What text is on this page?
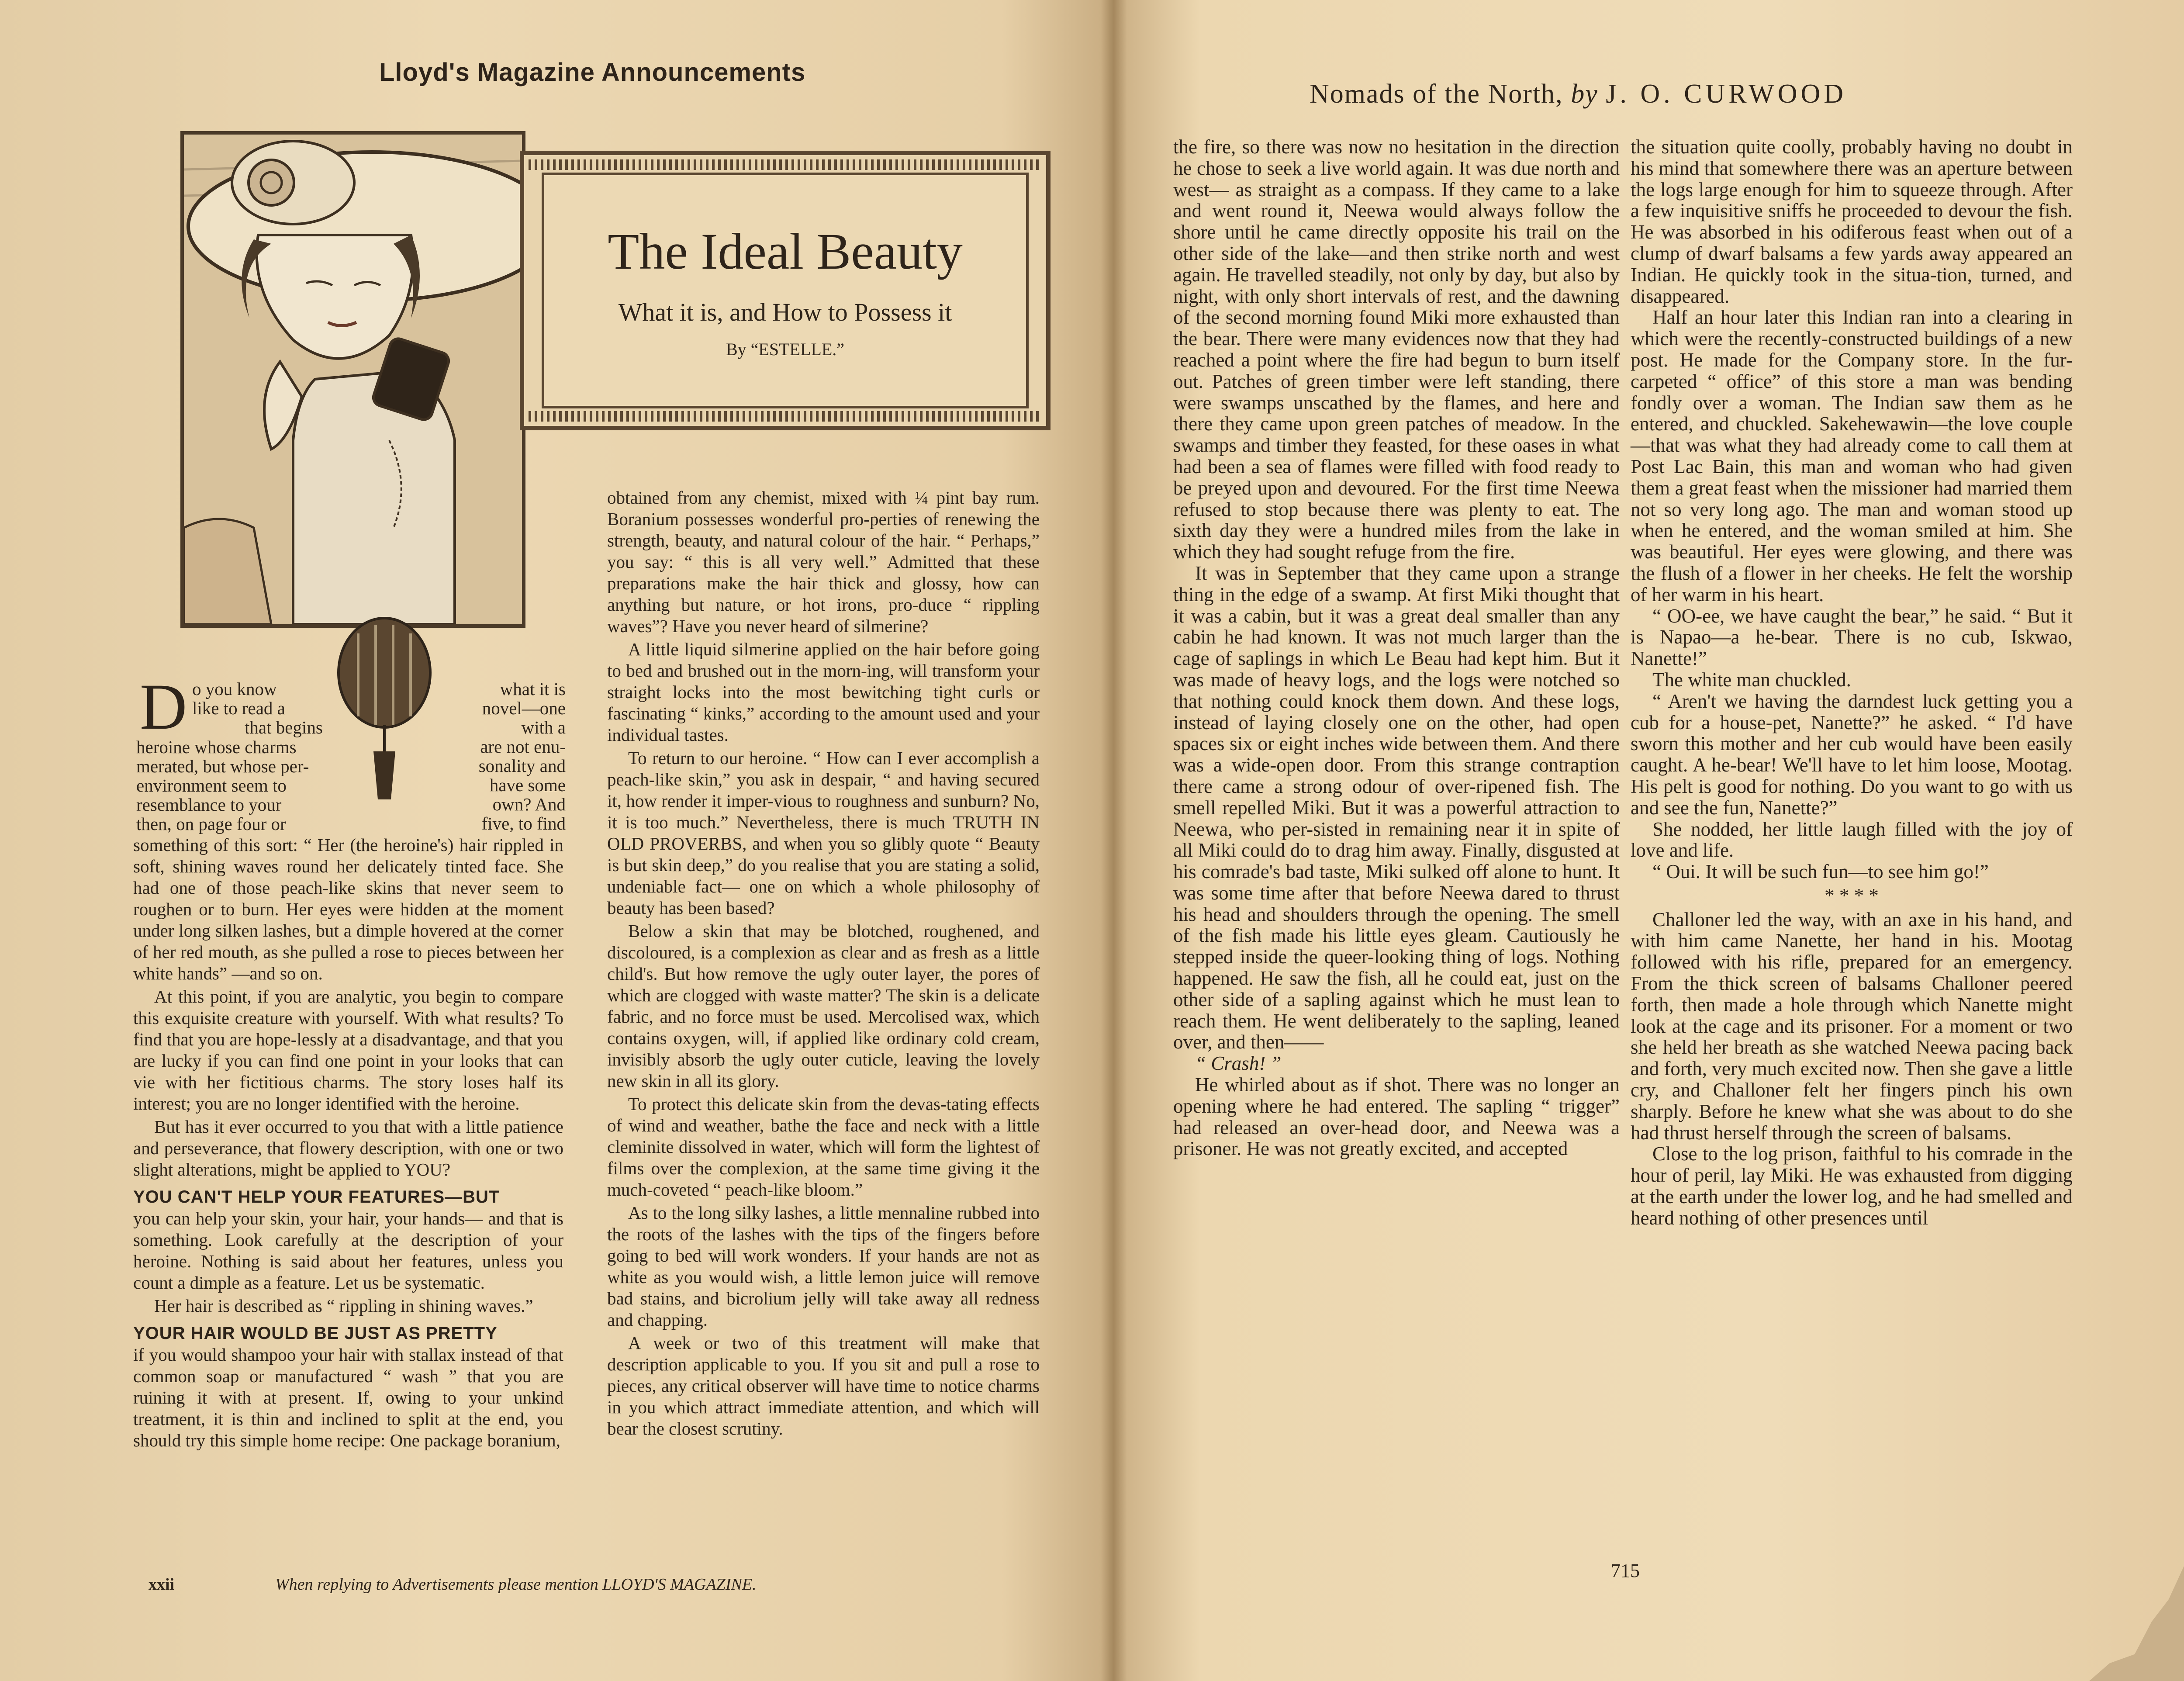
Lloyd's Magazine Announcements
The Ideal Beauty
What it is, and How to Possess it
By “ESTELLE.”
D o you know
like to read a
that begins
heroine whose charms
merated, but whose per-
environment seem to
resemblance to your
then, on page four or
what it is
novel—one
with a
are not enu-
sonality and
have some
own? And
five, to find

something of this sort: “ Her (the heroine's) hair rippled in soft, shining waves round her delicately tinted face. She had one of those peach-like skins that never seem to roughen or to burn. Her eyes were hidden at the moment under long silken lashes, but a dimple hovered at the corner of her red mouth, as she pulled a rose to pieces between her white hands” —and so on.

At this point, if you are analytic, you begin to compare this exquisite creature with yourself. With what results? To find that you are hope-lessly at a disadvantage, and that you are lucky if you can find one point in your looks that can vie with her fictitious charms. The story loses half its interest; you are no longer identified with the heroine.

But has it ever occurred to you that with a little patience and perseverance, that flowery description, with one or two slight alterations, might be applied to YOU?

YOU CAN'T HELP YOUR FEATURES—BUT

you can help your skin, your hair, your hands— and that is something. Look carefully at the description of your heroine. Nothing is said about her features, unless you count a dimple as a feature. Let us be systematic.

Her hair is described as “ rippling in shining waves.”

YOUR HAIR WOULD BE JUST AS PRETTY

if you would shampoo your hair with stallax instead of that common soap or manufactured “ wash ” that you are ruining it with at present. If, owing to your unkind treatment, it is thin and inclined to split at the end, you should try this simple home recipe: One package boranium,

obtained from any chemist, mixed with ¼ pint bay rum. Boranium possesses wonderful pro-perties of renewing the strength, beauty, and natural colour of the hair. “ Perhaps,” you say: “ this is all very well.” Admitted that these preparations make the hair thick and glossy, how can anything but nature, or hot irons, pro-duce “ rippling waves”? Have you never heard of silmerine?

A little liquid silmerine applied on the hair before going to bed and brushed out in the morn-ing, will transform your straight locks into the most bewitching tight curls or fascinating “ kinks,” according to the amount used and your individual tastes.

To return to our heroine. “ How can I ever accomplish a peach-like skin,” you ask in despair, “ and having secured it, how render it imper-vious to roughness and sunburn? No, it is too much.” Nevertheless, there is much TRUTH IN OLD PROVERBS, and when you so glibly quote “ Beauty is but skin deep,” do you realise that you are stating a solid, undeniable fact— one on which a whole philosophy of beauty has been based?

Below a skin that may be blotched, roughened, and discoloured, is a complexion as clear and as fresh as a little child's. But how remove the ugly outer layer, the pores of which are clogged with waste matter? The skin is a delicate fabric, and no force must be used. Mercolised wax, which contains oxygen, will, if applied like ordinary cold cream, invisibly absorb the ugly outer cuticle, leaving the lovely new skin in all its glory.

To protect this delicate skin from the devas-tating effects of wind and weather, bathe the face and neck with a little cleminite dissolved in water, which will form the lightest of films over the complexion, at the same time giving it the much-coveted “ peach-like bloom.”

As to the long silky lashes, a little mennaline rubbed into the roots of the lashes with the tips of the fingers before going to bed will work wonders. If your hands are not as white as you would wish, a little lemon juice will remove bad stains, and bicrolium jelly will take away all redness and chapping.

A week or two of this treatment will make that description applicable to you. If you sit and pull a rose to pieces, any critical observer will have time to notice charms in you which attract immediate attention, and which will bear the closest scrutiny.

xxii	When replying to Advertisements please mention LLOYD'S MAGAZINE.
Nomads of the North, by J. O. CURWOOD

the fire, so there was now no hesitation in the direction he chose to seek a live world again. It was due north and west— as straight as a compass. If they came to a lake and went round it, Neewa would always follow the shore until he came directly opposite his trail on the other side of the lake—and then strike north and west again. He travelled steadily, not only by day, but also by night, with only short intervals of rest, and the dawning of the second morning found Miki more exhausted than the bear. There were many evidences now that they had reached a point where the fire had begun to burn itself out. Patches of green timber were left standing, there were swamps unscathed by the flames, and here and there they came upon green patches of meadow. In the swamps and timber they feasted, for these oases in what had been a sea of flames were filled with food ready to be preyed upon and devoured. For the first time Neewa refused to stop because there was plenty to eat. The sixth day they were a hundred miles from the lake in which they had sought refuge from the fire.

It was in September that they came upon a strange thing in the edge of a swamp. At first Miki thought that it was a cabin, but it was a great deal smaller than any cabin he had known. It was not much larger than the cage of saplings in which Le Beau had kept him. But it was made of heavy logs, and the logs were notched so that nothing could knock them down. And these logs, instead of laying closely one on the other, had open spaces six or eight inches wide between them. And there was a wide-open door. From this strange contraption there came a strong odour of over-ripened fish. The smell repelled Miki. But it was a powerful attraction to Neewa, who per-sisted in remaining near it in spite of all Miki could do to drag him away. Finally, disgusted at his comrade's bad taste, Miki sulked off alone to hunt. It was some time after that before Neewa dared to thrust his head and shoulders through the opening. The smell of the fish made his little eyes gleam. Cautiously he stepped inside the queer-looking thing of logs. Nothing happened. He saw the fish, all he could eat, just on the other side of a sapling against which he must lean to reach them. He went deliberately to the sapling, leaned over, and then——

“ Crash! ”

He whirled about as if shot. There was no longer an opening where he had entered. The sapling “ trigger” had released an over-head door, and Neewa was a prisoner. He was not greatly excited, and accepted

the situation quite coolly, probably having no doubt in his mind that somewhere there was an aperture between the logs large enough for him to squeeze through. After a few inquisitive sniffs he proceeded to devour the fish. He was absorbed in his odiferous feast when out of a clump of dwarf balsams a few yards away appeared an Indian. He quickly took in the situa-tion, turned, and disappeared.

Half an hour later this Indian ran into a clearing in which were the recently-constructed buildings of a new post. He made for the Company store. In the fur-carpeted “ office” of this store a man was bending fondly over a woman. The Indian saw them as he entered, and chuckled. Sakehewawin—the love couple —that was what they had already come to call them at Post Lac Bain, this man and woman who had given them a great feast when the missioner had married them not so very long ago. The man and woman stood up when he entered, and the woman smiled at him. She was beautiful. Her eyes were glowing, and there was the flush of a flower in her cheeks. He felt the worship of her warm in his heart.

“ OO-ee, we have caught the bear,” he said. “ But it is Napao—a he-bear. There is no cub, Iskwao, Nanette!”

The white man chuckled.

“ Aren't we having the darndest luck getting you a cub for a house-pet, Nanette?” he asked. “ I'd have sworn this mother and her cub would have been easily caught. A he-bear! We'll have to let him loose, Mootag. His pelt is good for nothing. Do you want to go with us and see the fun, Nanette?”

She nodded, her little laugh filled with the joy of love and life.

“ Oui. It will be such fun—to see him go!”

* * * *

Challoner led the way, with an axe in his hand, and with him came Nanette, her hand in his. Mootag followed with his rifle, prepared for an emergency. From the thick screen of balsams Challoner peered forth, then made a hole through which Nanette might look at the cage and its prisoner. For a moment or two she held her breath as she watched Neewa pacing back and forth, very much excited now. Then she gave a little cry, and Challoner felt her fingers pinch his own sharply. Before he knew what she was about to do she had thrust herself through the screen of balsams.

Close to the log prison, faithful to his comrade in the hour of peril, lay Miki. He was exhausted from digging at the earth under the lower log, and he had smelled and heard nothing of other presences until

715
